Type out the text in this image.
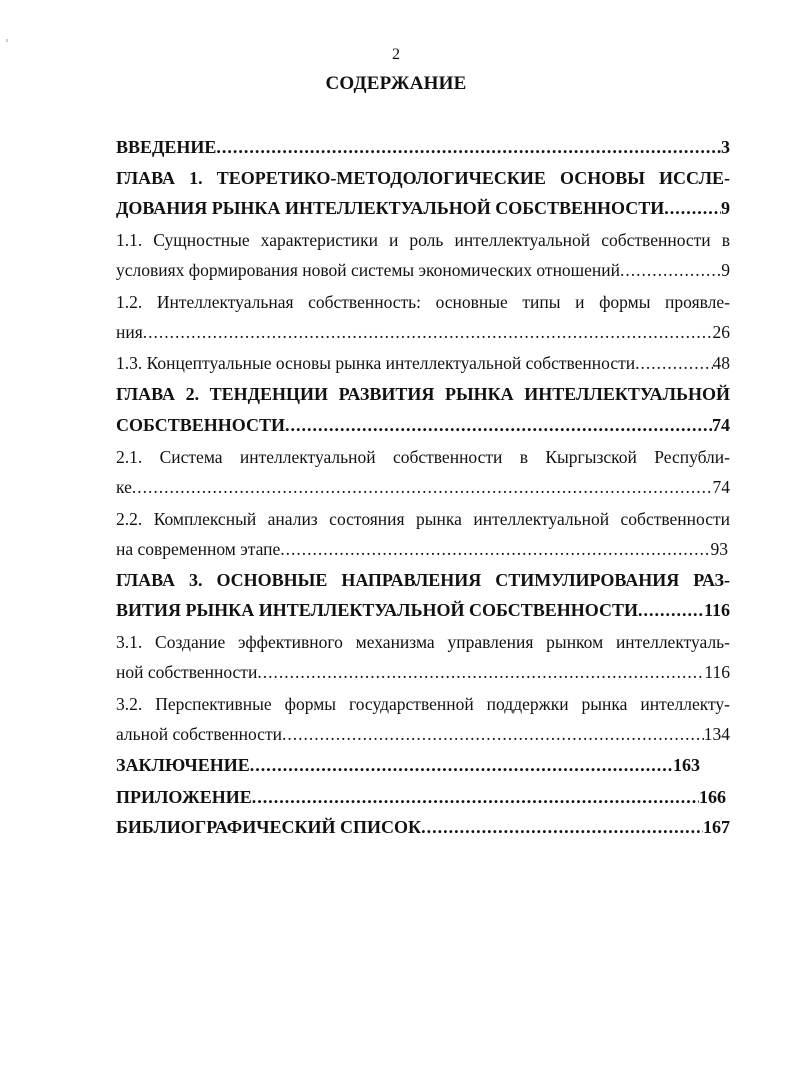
¹
2
СОДЕРЖАНИЕ
ВВЕДЕНИЕ .....	3
ГЛАВА 1. ТЕОРЕТИКО-МЕТОДОЛОГИЧЕСКИЕ ОСНОВЫ ИССЛЕ-
ДОВАНИЯ РЫНКА ИНТЕЛЛЕКТУАЛЬНОЙ СОБСТВЕННОСТИ .....	9
1.1. Сущностные характеристики и роль интеллектуальной собственности в
условиях формирования новой системы экономических отношений .....	9
1.2. Интеллектуальная собственность: основные типы и формы проявле-
ния .....	26
1.3. Концептуальные основы рынка интеллектуальной собственности .....	48
ГЛАВА 2. ТЕНДЕНЦИИ РАЗВИТИЯ РЫНКА ИНТЕЛЛЕКТУАЛЬНОЙ
СОБСТВЕННОСТИ .....	74
2.1. Система интеллектуальной собственности в Кыргызской Республи-
ке .....	74
2.2. Комплексный анализ состояния рынка интеллектуальной собственности
на современном этапе .....	93
ГЛАВА 3. ОСНОВНЫЕ НАПРАВЛЕНИЯ СТИМУЛИРОВАНИЯ РАЗ-
ВИТИЯ РЫНКА ИНТЕЛЛЕКТУАЛЬНОЙ СОБСТВЕННОСТИ .....	116
3.1. Создание эффективного механизма управления рынком интеллектуаль-
ной собственности .....	116
3.2. Перспективные формы государственной поддержки рынка интеллекту-
альной собственности .....	134
ЗАКЛЮЧЕНИЕ .....	163
ПРИЛОЖЕНИЕ .....	166
БИБЛИОГРАФИЧЕСКИЙ СПИСОК .....	167
